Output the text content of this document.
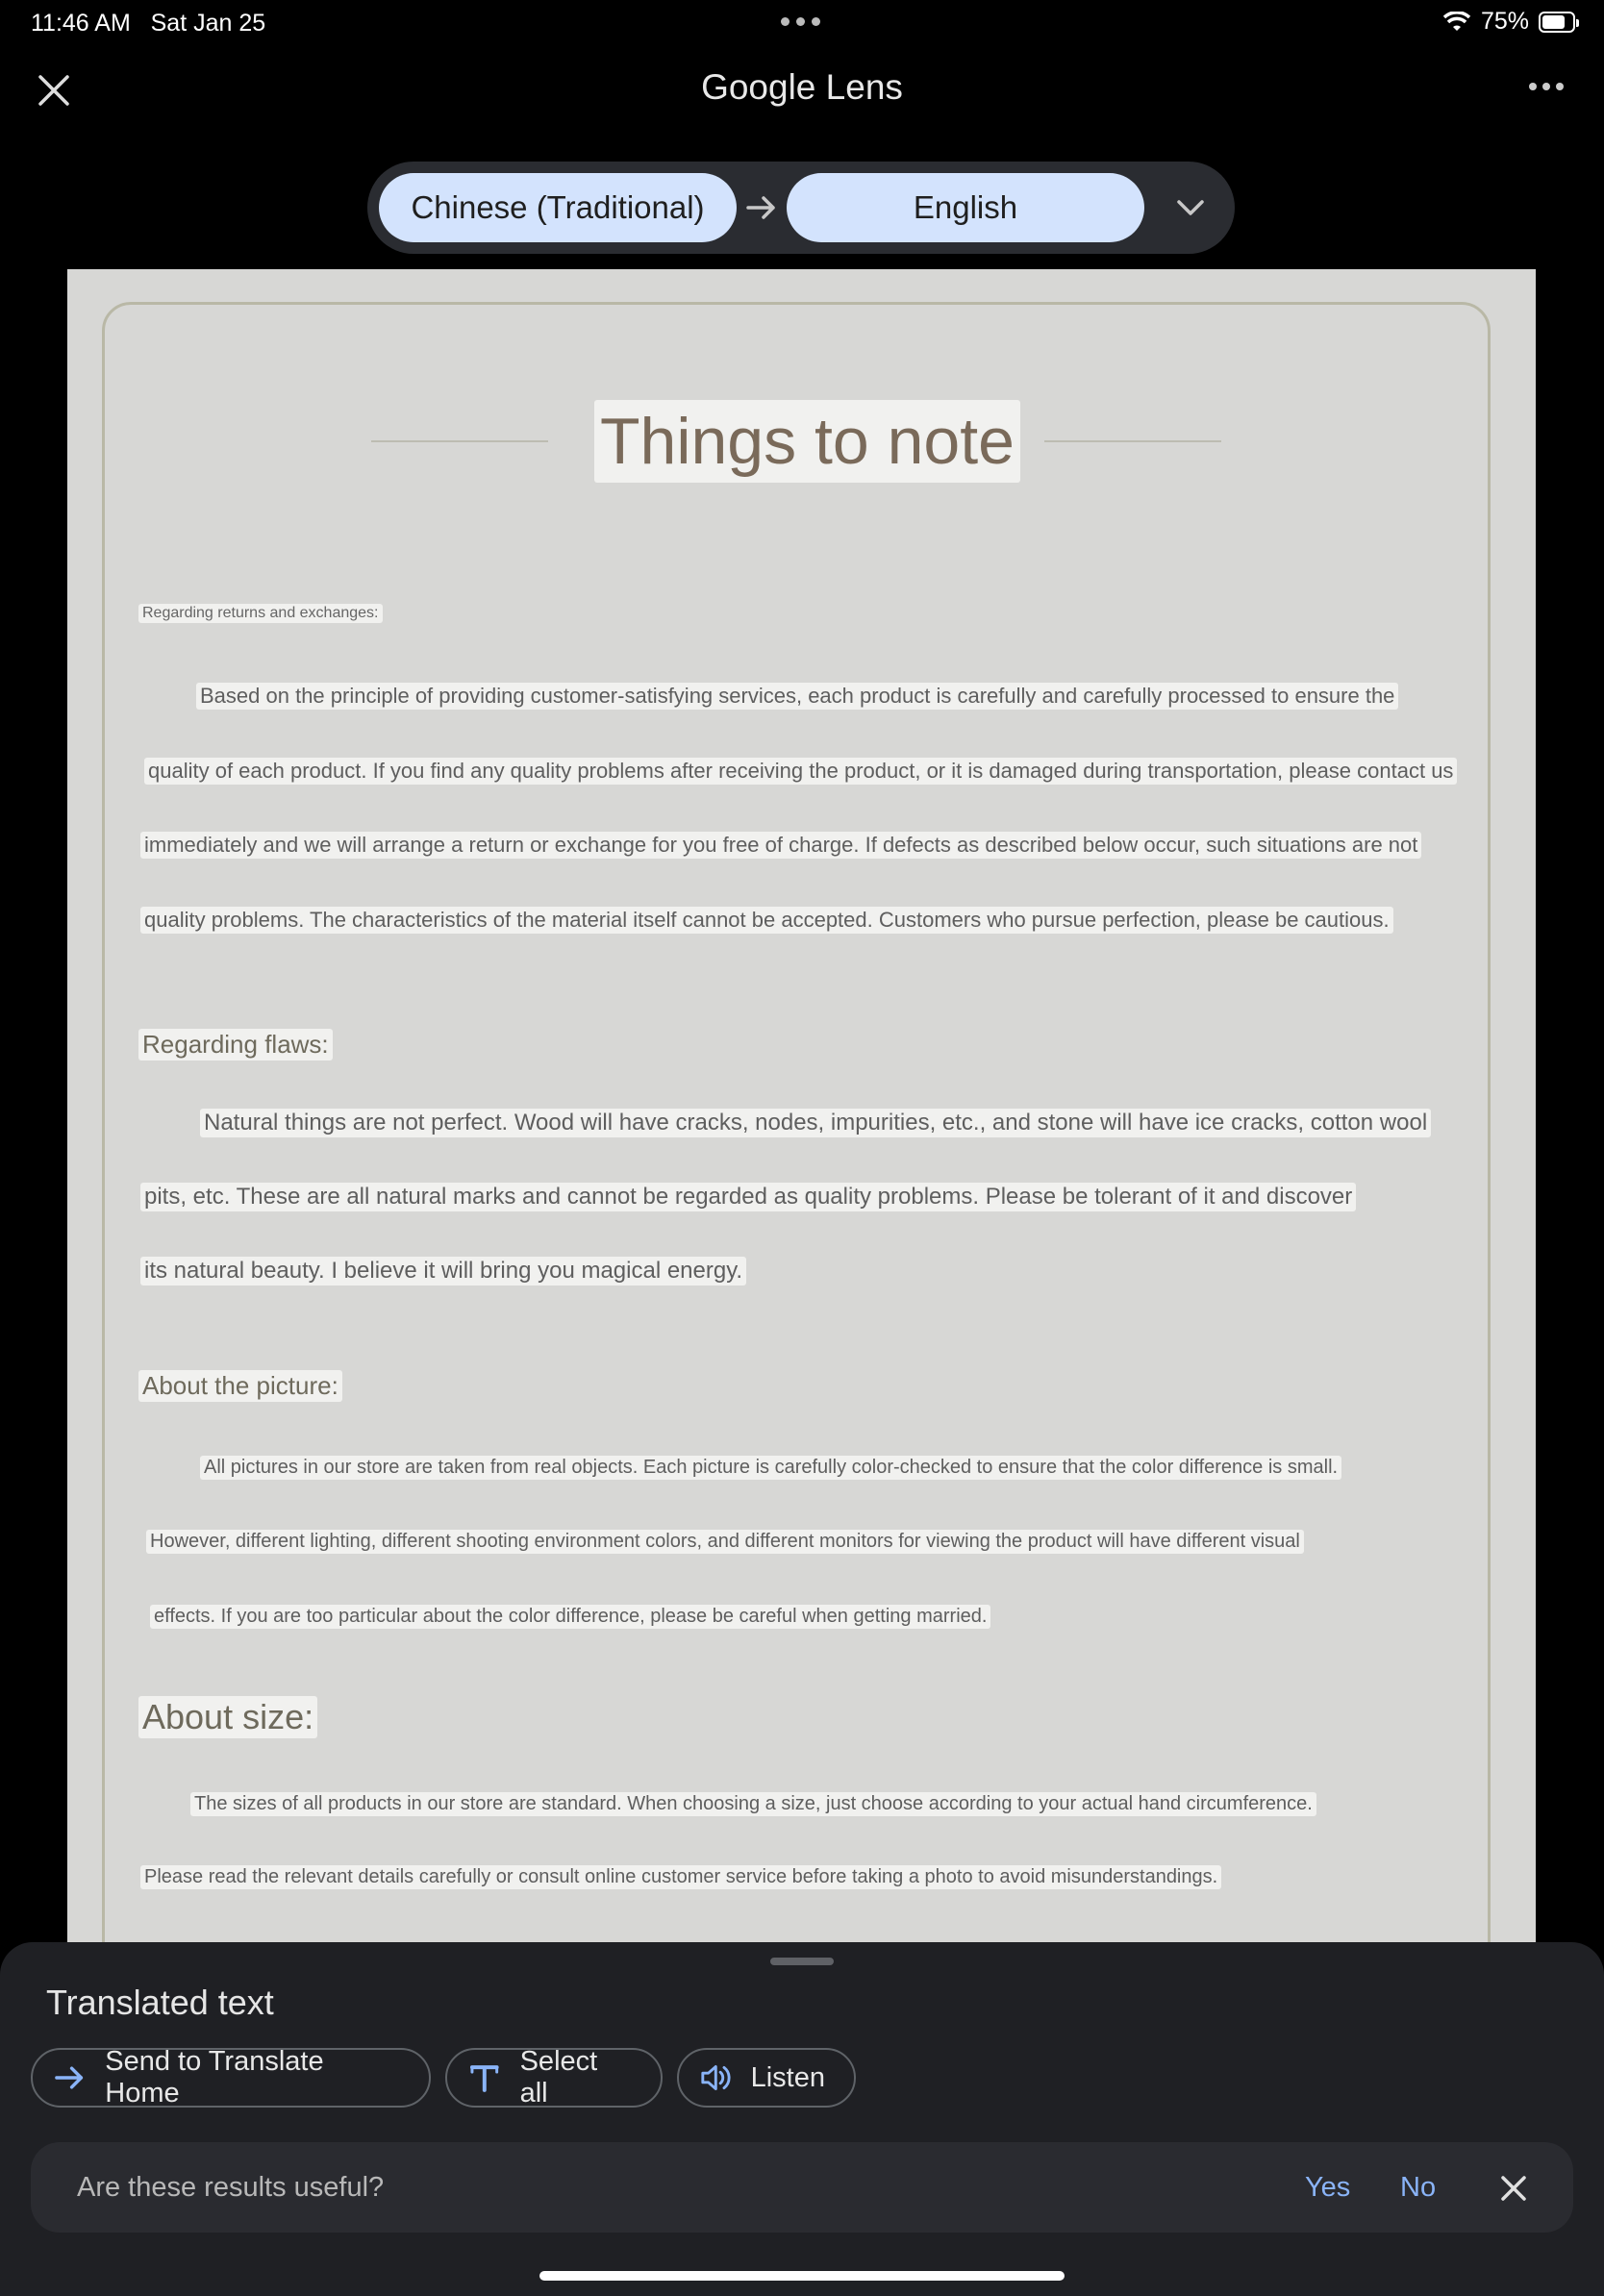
11:46 AM Sat Jan 25	75%
Google Lens
Chinese (Traditional)	English
Things to note
Regarding returns and exchanges:
Based on the principle of providing customer-satisfying services, each product is carefully and carefully processed to ensure the
quality of each product. If you find any quality problems after receiving the product, or it is damaged during transportation, please contact us
immediately and we will arrange a return or exchange for you free of charge. If defects as described below occur, such situations are not
quality problems. The characteristics of the material itself cannot be accepted. Customers who pursue perfection, please be cautious.
Regarding flaws:
Natural things are not perfect. Wood will have cracks, nodes, impurities, etc., and stone will have ice cracks, cotton wool
pits, etc. These are all natural marks and cannot be regarded as quality problems. Please be tolerant of it and discover
its natural beauty. I believe it will bring you magical energy.
About the picture:
All pictures in our store are taken from real objects. Each picture is carefully color-checked to ensure that the color difference is small.
However, different lighting, different shooting environment colors, and different monitors for viewing the product will have different visual
effects. If you are too particular about the color difference, please be careful when getting married.
About size:
The sizes of all products in our store are standard. When choosing a size, just choose according to your actual hand circumference.
Please read the relevant details carefully or consult online customer service before taking a photo to avoid misunderstandings.
Translated text
Send to Translate Home
Select all
Listen
Are these results useful?	Yes No
